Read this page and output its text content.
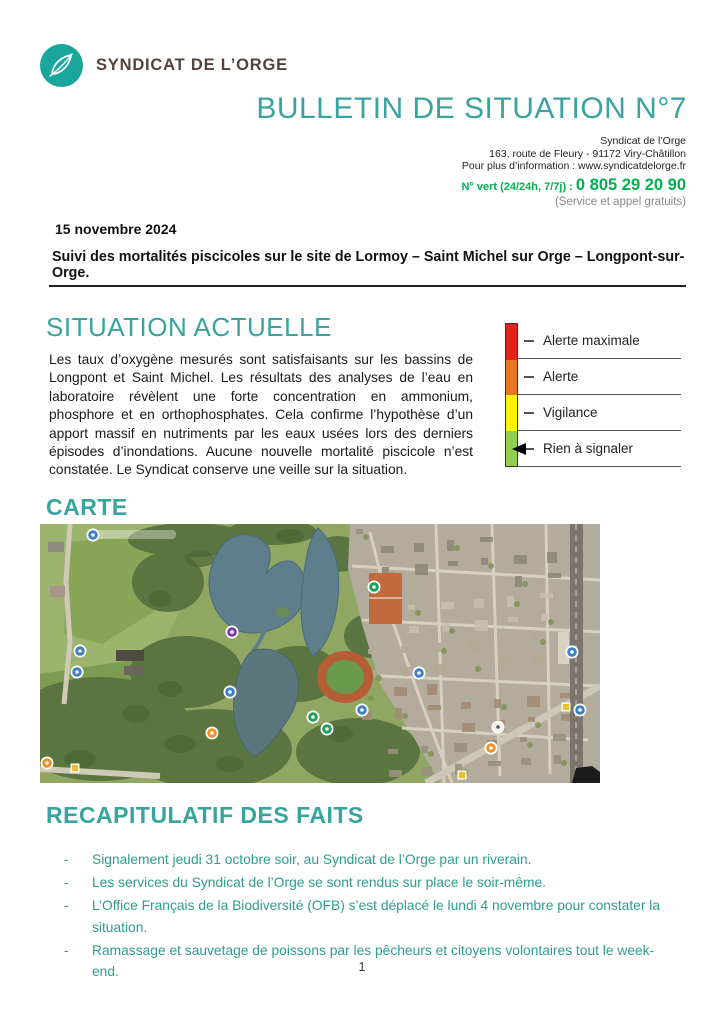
SYNDICAT DE L’ORGE
BULLETIN DE SITUATION N°7
Syndicat de l’Orge
163, route de Fleury - 91172 Viry-Châtillon
Pour plus d’information : www.syndicatdelorge.fr
N° vert (24/24h, 7/7j) : 0 805 29 20 90
(Service et appel gratuits)
15 novembre 2024
Suivi des mortalités piscicoles sur le site de Lormoy – Saint Michel sur Orge – Longpont-sur-Orge.
SITUATION ACTUELLE
Les taux d’oxygène mesurés sont satisfaisants sur les bassins de Longpont et Saint Michel. Les résultats des analyses de l’eau en laboratoire révèlent une forte concentration en ammonium, phosphore et en orthophosphates. Cela confirme l’hypothèse d’un apport massif en nutriments par les eaux usées lors des derniers épisodes d’inondations. Aucune nouvelle mortalité piscicole n’est constatée. Le Syndicat conserve une veille sur la situation.
Alerte maximale
Alerte
Vigilance
Rien à signaler
CARTE
RECAPITULATIF DES FAITS
- Signalement jeudi 31 octobre soir, au Syndicat de l’Orge par un riverain.
- Les services du Syndicat de l’Orge se sont rendus sur place le soir-même.
- L’Office Français de la Biodiversité (OFB) s’est déplacé le lundi 4 novembre pour constater la situation.
- Ramassage et sauvetage de poissons par les pêcheurs et citoyens volontaires tout le week-end.	1
